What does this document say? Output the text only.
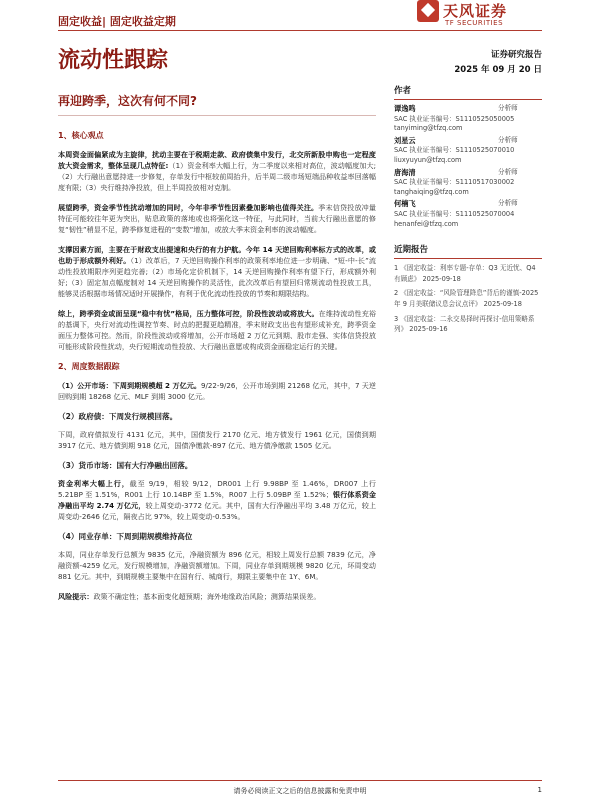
固定收益| 固定收益定期
天风证券
TF SECURITIES
流动性跟踪	证券研究报告
2025 年 09 月 20 日
再迎跨季，这次有何不同?
1、核心观点

本周资金面偏紧成为主旋律，扰动主要在于税期走款、政府债集中发行，北交所新股申购也一定程度放大资金需求，整体呈现几点特征:（1）资金利率大幅上行，为二季度以来相对高位，波动幅度加大;（2）大行融出意愿持进一步修复，存单发行中枢较前周抬升，后半周二级市场短端品种收益率回落幅度有限;（3）央行维持净投放，但上半周投放相对克制。

展望跨季，资金季节性扰动增加的同时，今年非季节性因素叠加影响也值得关注。季末信贷投放冲量特征可能较往年更为突出，贴息政策的落地或也将强化这一特征，与此同时，当前大行融出意愿的修复“韧性”稍显不足，跨季修复进程的“变数”增加，或放大季末资金利率的波动幅度。

支撑因素方面，主要在于财政支出提速和央行的有力护航。今年 14 天逆回购利率标方式的改革，或也助于形成额外利好。（1）改革后，7 天逆回购操作利率的政策利率地位进一步明确、“短-中-长”流动性投放期限序列更趋完善;（2）市场化定价机制下，14 天逆回购操作利率有望下行，形成额外利好;（3）固定加点幅度制对 14 天逆回购操作的灵活性，此次改革后有望回归常规流动性投放工具，能够灵活根据市场情况适时开展操作，有利于优化流动性投放的节奏和期限结构。

综上，跨季资金或面呈现“稳中有忧”格局，压力整体可控，阶段性波动或将放大。在维持流动性充裕的基调下，央行对流动性调控节奏、时点的把握更趋精准，季末财政支出也有望形成补充，跨季资金面压力整体可控。然而，阶段性波动或将增加，公开市场超 2 万亿元到期、股市走强、实体信贷投放可能形成阶段性扰动，央行短期流动性投放、大行融出意愿或构成资金面稳定运行的关键。

2、周度数据跟踪

（1）公开市场：下周到期规模超 2 万亿元。9/22-9/26，公开市场到期 21268 亿元，其中，7 天逆回购到期 18268 亿元、MLF 到期 3000 亿元。

（2）政府债：下周发行规模回落。

下周，政府债拟发行 4131 亿元，其中，国债发行 2170 亿元、地方债发行 1961 亿元，国债到期 3917 亿元、地方债到期 918 亿元，国债净缴款-897 亿元、地方债净缴款 1505 亿元。

（3）货币市场：国有大行净融出回落。

资金利率大幅上行，截至 9/19，相较 9/12，DR001 上行 9.98BP 至 1.46%，DR007 上行 5.21BP 至 1.51%，R001 上行 10.14BP 至 1.5%，R007 上行 5.09BP 至 1.52%；银行体系资金净融出平均 2.74 万亿元，较上周变动-3772 亿元。其中，国有大行净融出平均 3.48 万亿元，较上周变动-2646 亿元，隔夜占比 97%，较上周变动-0.53%。

（4）同业存单：下周到期规模维持高位

本周，同业存单发行总额为 9835 亿元，净融资额为 896 亿元，相较上周发行总额 7839 亿元，净融资额-4259 亿元，发行规模增加，净融资额增加。下周，同业存单到期规模 9820 亿元，环周变动 881 亿元。其中，到期规模主要集中在国有行、城商行，期限主要集中在 1Y、6M。

风险提示：政策不确定性；基本面变化超预期；海外地缘政治风险；测算结果误差。

作者
谭逸鸣	分析师
SAC 执业证书编号：S1110525050005
tanyiming@tfzq.com
刘星云	分析师
SAC 执业证书编号：S1110525070010
liuxyuyun@tfzq.com
唐海清	分析师
SAC 执业证书编号：S1110517030002
tanghaiqing@tfzq.com
何楠飞	分析师
SAC 执业证书编号：S1110525070004
henanfei@tfzq.com
近期报告
1 《固定收益：利率专题-存单：Q3 无近忧、Q4 有顾虑》 2025-09-18
2 《固定收益：“风险管理降息”背后的谨慎-2025 年 9 月美联储议息会议点评》 2025-09-18
3 《固定收益：二永交易择时再探讨-信用策略系列》 2025-09-16
请务必阅读正文之后的信息披露和免责申明	1
